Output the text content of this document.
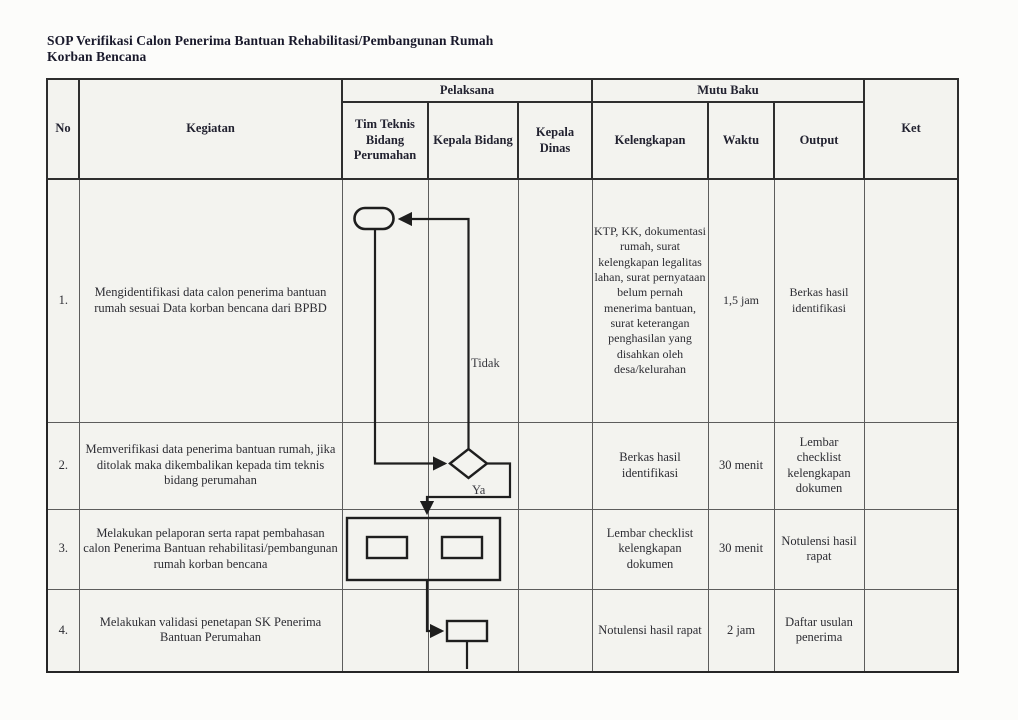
SOP Verifikasi Calon Penerima Bantuan Rehabilitasi/Pembangunan Rumah
Korban Bencana
No	Kegiatan	Pelaksana			Mutu Baku			Ket
		Tim Teknis Bidang Perumahan	Kepala Bidang	Kepala Dinas	Kelengkapan	Waktu	Output	
1.	Mengidentifikasi data calon penerima bantuan rumah sesuai Data korban bencana dari BPBD				KTP, KK, dokumentasi rumah, surat kelengkapan legalitas lahan, surat pernyataan belum pernah menerima bantuan, surat keterangan penghasilan yang disahkan oleh desa/kelurahan	1,5 jam	Berkas hasil identifikasi	
2.	Memverifikasi data penerima bantuan rumah, jika ditolak maka dikembalikan kepada tim teknis bidang perumahan				Berkas hasil identifikasi	30 menit	Lembar checklist kelengkapan dokumen	
3.	Melakukan pelaporan serta rapat pembahasan calon Penerima Bantuan rehabilitasi/pembangunan rumah korban bencana				Lembar checklist kelengkapan dokumen	30 menit	Notulensi hasil rapat	
4.	Melakukan validasi penetapan SK Penerima Bantuan Perumahan				Notulensi hasil rapat	2 jam	Daftar usulan penerima	
Tidak
Ya
